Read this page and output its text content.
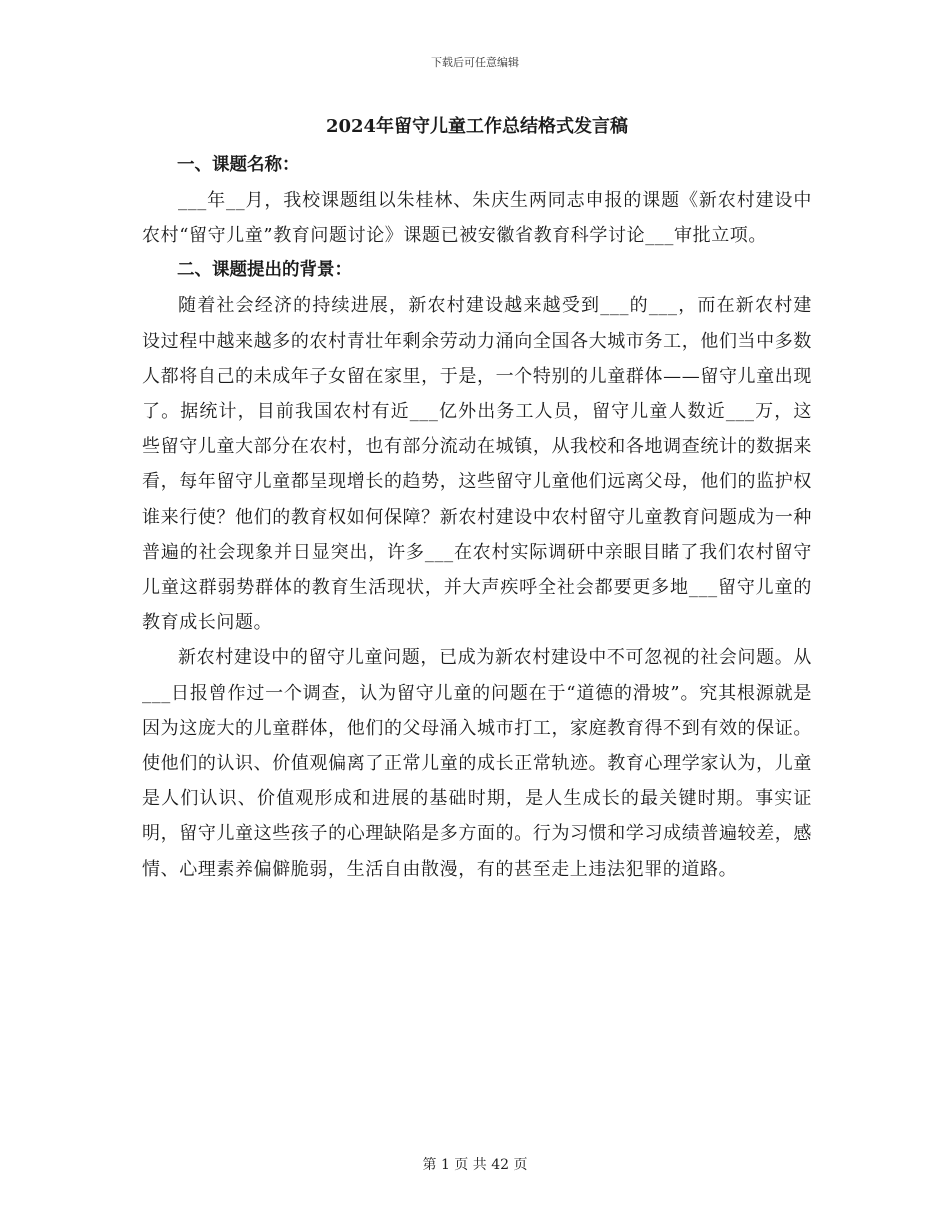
下载后可任意编辑
2024年留守儿童工作总结格式发言稿
一、课题名称：

___年__月，我校课题组以朱桂林、朱庆生两同志申报的课题《新农村建设中农村“留守儿童”教育问题讨论》课题已被安徽省教育科学讨论___审批立项。

二、课题提出的背景：

随着社会经济的持续进展，新农村建设越来越受到___的___，而在新农村建设过程中越来越多的农村青壮年剩余劳动力涌向全国各大城市务工，他们当中多数人都将自己的未成年子女留在家里，于是，一个特别的儿童群体——留守儿童出现了。据统计，目前我国农村有近___亿外出务工人员，留守儿童人数近___万，这些留守儿童大部分在农村，也有部分流动在城镇，从我校和各地调查统计的数据来看，每年留守儿童都呈现增长的趋势，这些留守儿童他们远离父母，他们的监护权谁来行使？他们的教育权如何保障？新农村建设中农村留守儿童教育问题成为一种普遍的社会现象并日显突出，许多___在农村实际调研中亲眼目睹了我们农村留守儿童这群弱势群体的教育生活现状，并大声疾呼全社会都要更多地___留守儿童的教育成长问题。

新农村建设中的留守儿童问题，已成为新农村建设中不可忽视的社会问题。从___日报曾作过一个调查，认为留守儿童的问题在于“道德的滑坡”。究其根源就是因为这庞大的儿童群体，他们的父母涌入城市打工，家庭教育得不到有效的保证。使他们的认识、价值观偏离了正常儿童的成长正常轨迹。教育心理学家认为，儿童是人们认识、价值观形成和进展的基础时期，是人生成长的最关键时期。事实证明，留守儿童这些孩子的心理缺陷是多方面的。行为习惯和学习成绩普遍较差，感情、心理素养偏僻脆弱，生活自由散漫，有的甚至走上违法犯罪的道路。

第 1 页 共 42 页
